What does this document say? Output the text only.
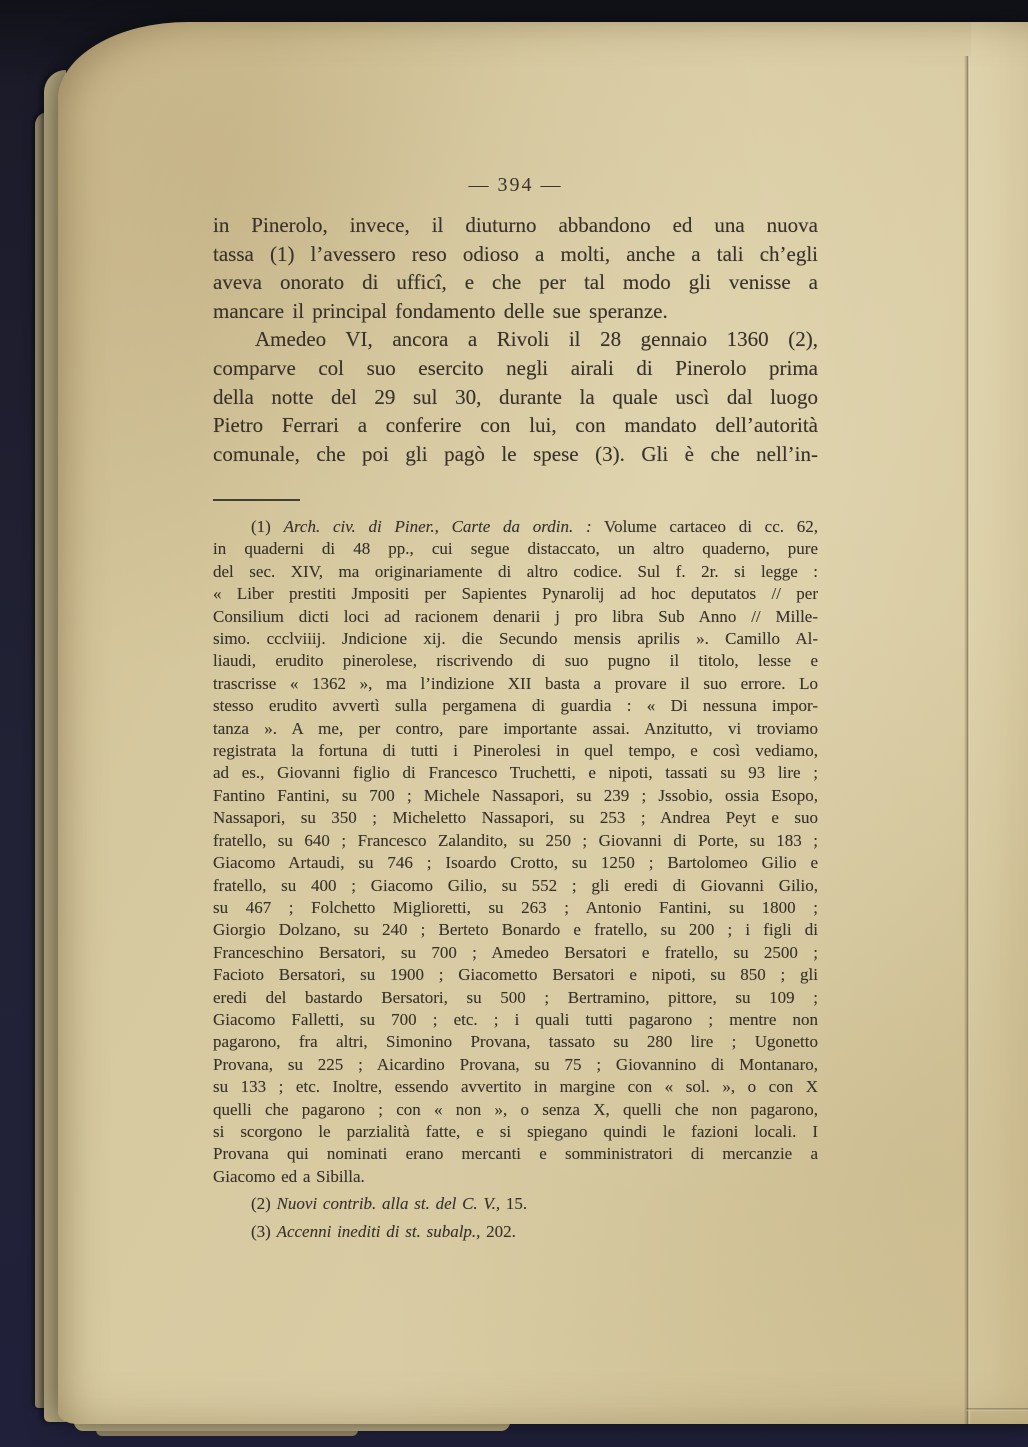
— 394 —
in Pinerolo, invece, il diuturno abbandono ed una nuova
tassa (1) l’avessero reso odioso a molti, anche a tali ch’egli
aveva onorato di ufficî, e che per tal modo gli venisse a
mancare il principal fondamento delle sue speranze.
Amedeo VI, ancora a Rivoli il 28 gennaio 1360 (2),
comparve col suo esercito negli airali di Pinerolo prima
della notte del 29 sul 30, durante la quale uscì dal luogo
Pietro Ferrari a conferire con lui, con mandato dell’autorità
comunale, che poi gli pagò le spese (3). Gli è che nell’in-
(1) Arch. civ. di Piner., Carte da ordin. : Volume cartaceo di cc. 62,
in quaderni di 48 pp., cui segue distaccato, un altro quaderno, pure
del sec. XIV, ma originariamente di altro codice. Sul f. 2r. si legge :
« Liber prestiti Jmpositi per Sapientes Pynarolij ad hoc deputatos // per
Consilium dicti loci ad racionem denarii j pro libra Sub Anno // Mille-
simo. ccclviiij. Jndicione xij. die Secundo mensis aprilis ». Camillo Al-
liaudi, erudito pinerolese, riscrivendo di suo pugno il titolo, lesse e
trascrisse « 1362 », ma l’indizione XII basta a provare il suo errore. Lo
stesso erudito avvertì sulla pergamena di guardia : « Di nessuna impor-
tanza ». A me, per contro, pare importante assai. Anzitutto, vi troviamo
registrata la fortuna di tutti i Pinerolesi in quel tempo, e così vediamo,
ad es., Giovanni figlio di Francesco Truchetti, e nipoti, tassati su 93 lire ;
Fantino Fantini, su 700 ; Michele Nassapori, su 239 ; Jssobio, ossia Esopo,
Nassapori, su 350 ; Micheletto Nassapori, su 253 ; Andrea Peyt e suo
fratello, su 640 ; Francesco Zalandito, su 250 ; Giovanni di Porte, su 183 ;
Giacomo Artaudi, su 746 ; Isoardo Crotto, su 1250 ; Bartolomeo Gilio e
fratello, su 400 ; Giacomo Gilio, su 552 ; gli eredi di Giovanni Gilio,
su 467 ; Folchetto Miglioretti, su 263 ; Antonio Fantini, su 1800 ;
Giorgio Dolzano, su 240 ; Berteto Bonardo e fratello, su 200 ; i figli di
Franceschino Bersatori, su 700 ; Amedeo Bersatori e fratello, su 2500 ;
Facioto Bersatori, su 1900 ; Giacometto Bersatori e nipoti, su 850 ; gli
eredi del bastardo Bersatori, su 500 ; Bertramino, pittore, su 109 ;
Giacomo Falletti, su 700 ; etc. ; i quali tutti pagarono ; mentre non
pagarono, fra altri, Simonino Provana, tassato su 280 lire ; Ugonetto
Provana, su 225 ; Aicardino Provana, su 75 ; Giovannino di Montanaro,
su 133 ; etc. Inoltre, essendo avvertito in margine con « sol. », o con X
quelli che pagarono ; con « non », o senza X, quelli che non pagarono,
si scorgono le parzialità fatte, e si spiegano quindi le fazioni locali. I
Provana qui nominati erano mercanti e somministratori di mercanzie a
Giacomo ed a Sibilla.
(2) Nuovi contrib. alla st. del C. V., 15.
(3) Accenni inediti di st. subalp., 202.
